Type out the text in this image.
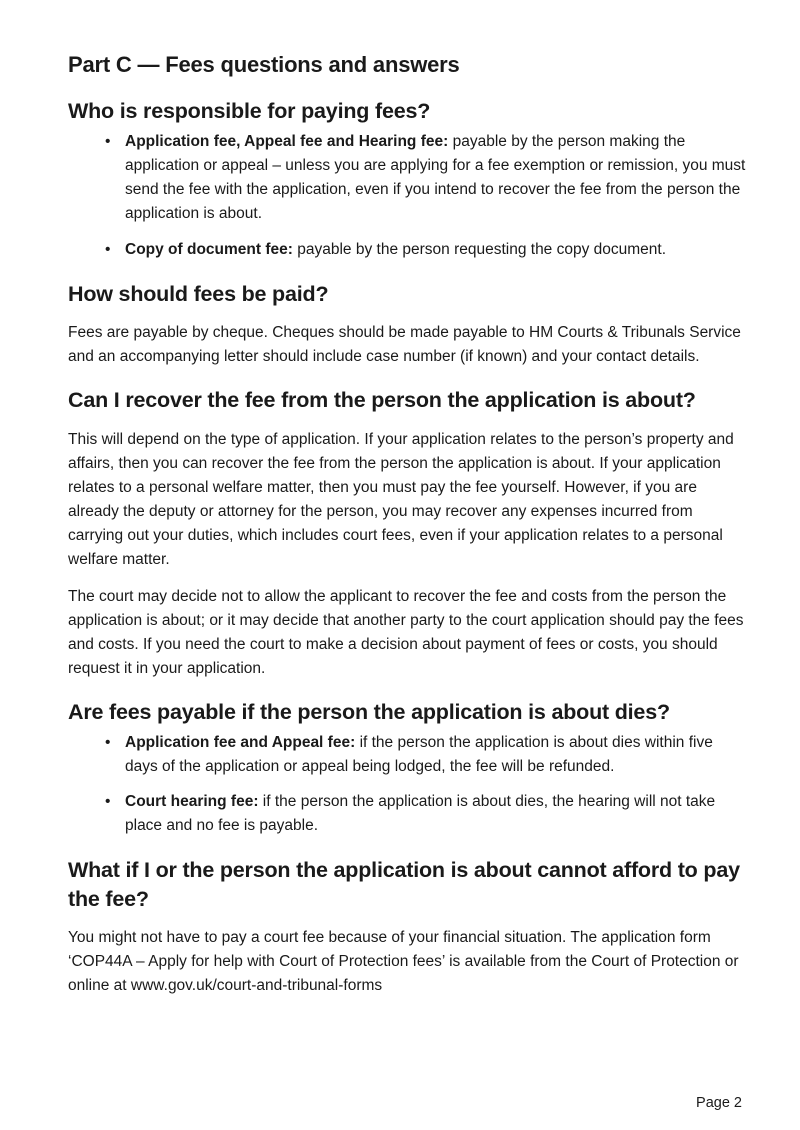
Part C — Fees questions and answers
Who is responsible for paying fees?
• Application fee, Appeal fee and Hearing fee: payable by the person making the application or appeal – unless you are applying for a fee exemption or remission, you must send the fee with the application, even if you intend to recover the fee from the person the application is about.
• Copy of document fee: payable by the person requesting the copy document.
How should fees be paid?

Fees are payable by cheque. Cheques should be made payable to HM Courts & Tribunals Service and an accompanying letter should include case number (if known) and your contact details.

Can I recover the fee from the person the application is about?

This will depend on the type of application. If your application relates to the person’s property and affairs, then you can recover the fee from the person the application is about. If your application relates to a personal welfare matter, then you must pay the fee yourself. However, if you are already the deputy or attorney for the person, you may recover any expenses incurred from carrying out your duties, which includes court fees, even if your application relates to a personal welfare matter.

The court may decide not to allow the applicant to recover the fee and costs from the person the application is about; or it may decide that another party to the court application should pay the fees and costs. If you need the court to make a decision about payment of fees or costs, you should request it in your application.

Are fees payable if the person the application is about dies?
• Application fee and Appeal fee: if the person the application is about dies within five days of the application or appeal being lodged, the fee will be refunded.
• Court hearing fee: if the person the application is about dies, the hearing will not take place and no fee is payable.
What if I or the person the application is about cannot afford to pay the fee?

You might not have to pay a court fee because of your financial situation. The application form ‘COP44A – Apply for help with Court of Protection fees’ is available from the Court of Protection or online at www.gov.uk/court-and-tribunal-forms

Page 2
